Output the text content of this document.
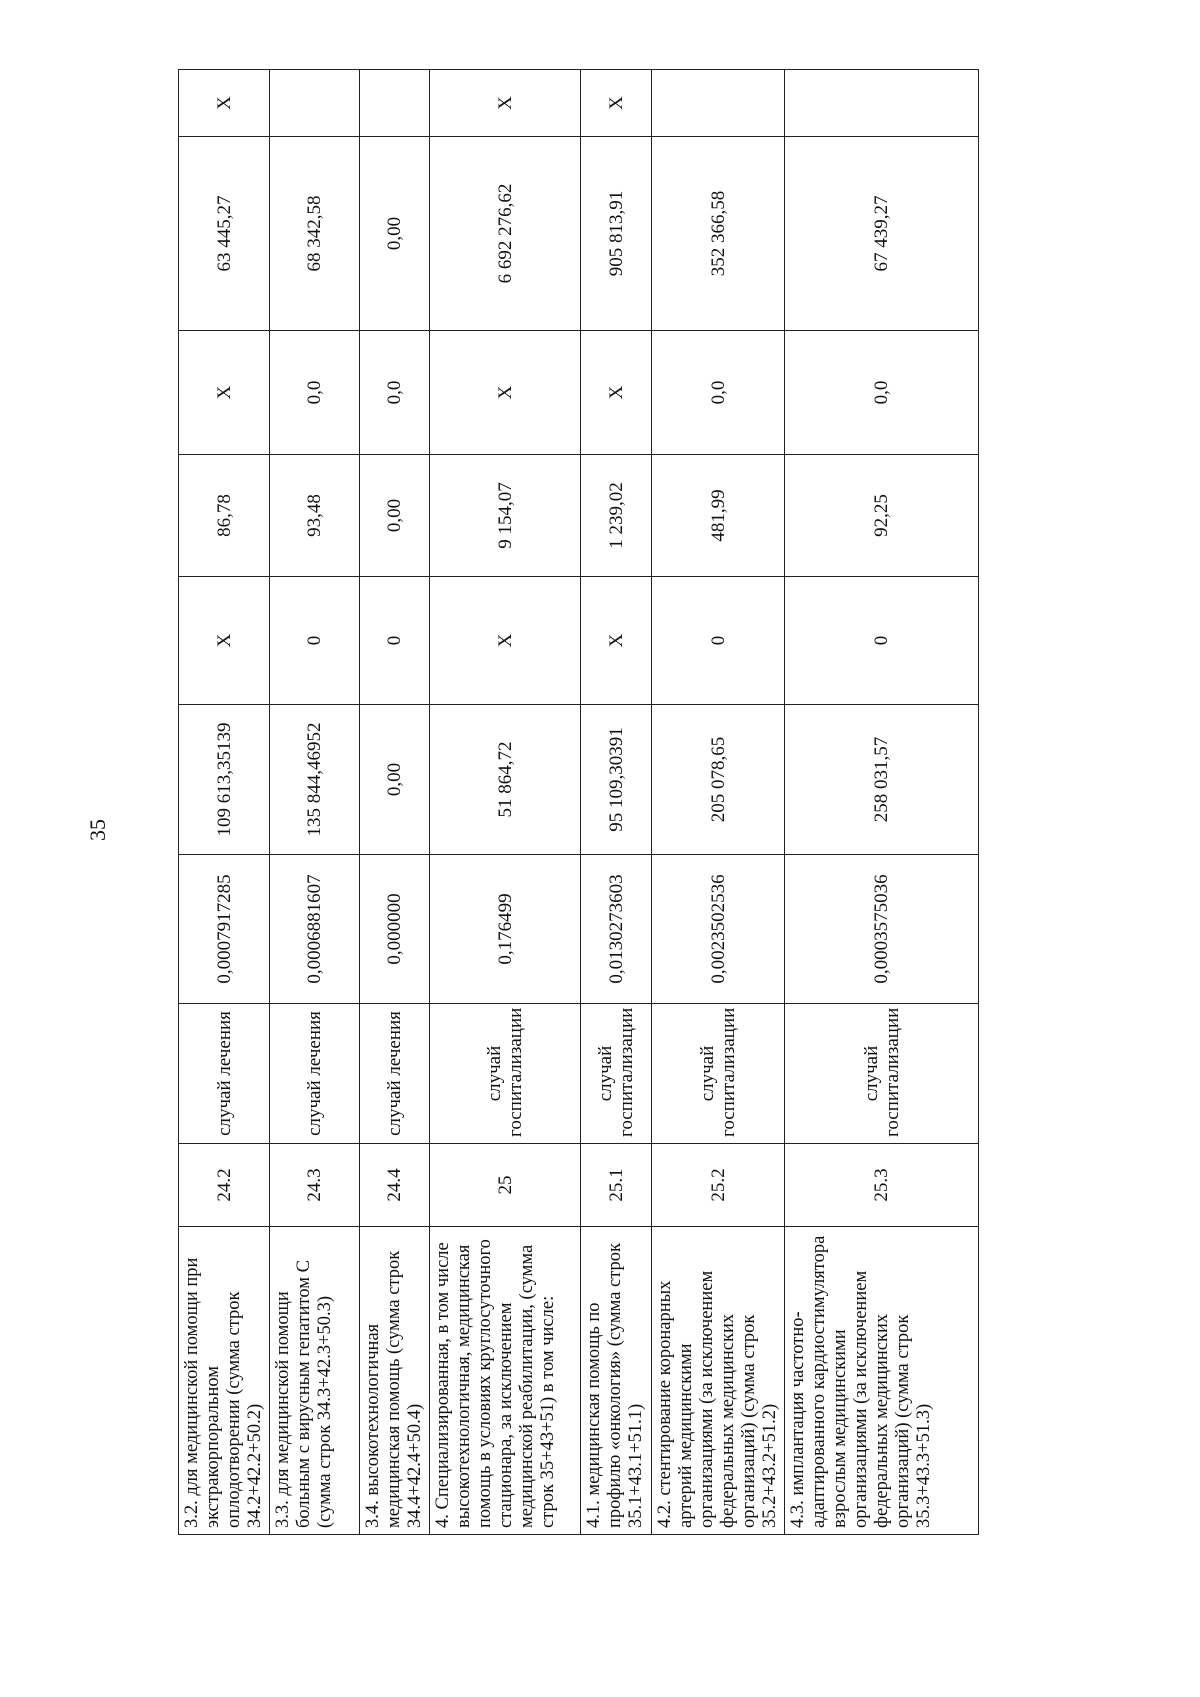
35
3.2. для медицинской помощи при экстракорпоральном оплодотворении (сумма строк 34.2+42.2+50.2)	24.2	случай лечения	0,0007917285	109 613,35139	X	86,78	X	63 445,27	X
3.3. для медицинской помощи больным с вирусным гепатитом С (сумма строк 34.3+42.3+50.3)	24.3	случай лечения	0,0006881607	135 844,46952	0	93,48	0,0	68 342,58	
3.4. высокотехнологичная медицинская помощь (сумма строк 34.4+42.4+50.4)	24.4	случай лечения	0,000000	0,00	0	0,00	0,0	0,00	
4. Специализированная, в том числе высокотехнологичная, медицинская помощь в условиях круглосуточного стационара, за исключением медицинской реабилитации, (сумма строк 35+43+51) в том числе:	25	случай госпитализации	0,176499	51 864,72	X	9 154,07	X	6 692 276,62	X
4.1. медицинская помощь по профилю «онкология» (сумма строк 35.1+43.1+51.1)	25.1	случай госпитализации	0,0130273603	95 109,30391	X	1 239,02	X	905 813,91	X
4.2. стентирование коронарных артерий медицинскими организациями (за исключением федеральных медицинских организаций) (сумма строк 35.2+43.2+51.2)	25.2	случай госпитализации	0,0023502536	205 078,65	0	481,99	0,0	352 366,58	
4.3. имплантация частотно-адаптированного кардиостимулятора взрослым медицинскими организациями (за исключением федеральных медицинских организаций) (сумма строк 35.3+43.3+51.3)	25.3	случай госпитализации	0,0003575036	258 031,57	0	92,25	0,0	67 439,27	
